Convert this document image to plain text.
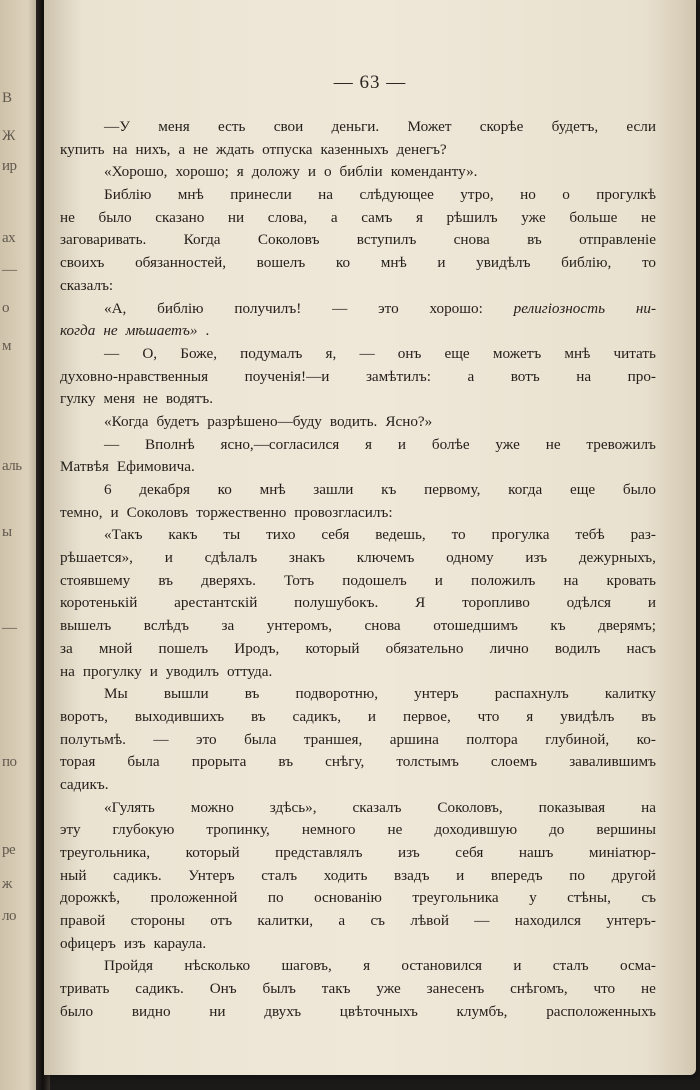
В
Ж
ир
ах
—
о
м
аль
ы
—
по
ре
ж
ло
— 63 —
—У меня есть свои деньги. Может скорѣе будетъ, если
купить на нихъ, а не ждать отпуска казенныхъ денегъ?
«Хорошо, хорошо; я доложу и о библіи коменданту».
Библію мнѣ принесли на слѣдующее утро, но о прогулкѣ
не было сказано ни слова, а самъ я рѣшилъ уже больше не
заговаривать. Когда Соколовъ вступилъ снова въ отправленіе
своихъ обязанностей, вошелъ ко мнѣ и увидѣлъ библію, то
сказалъ:
«А, библію получилъ! — это хорошо: религіозность ни-
когда не мѣшаетъ» .
— О, Боже, подумалъ я, — онъ еще можетъ мнѣ читать
духовно-нравственныя поученія!—и замѣтилъ: а вотъ на про-
гулку меня не водятъ.
«Когда будетъ разрѣшено—буду водить. Ясно?»
— Вполнѣ ясно,—согласился я и болѣе уже не тревожилъ
Матвѣя Ефимовича.
6 декабря ко мнѣ зашли къ первому, когда еще было
темно, и Соколовъ торжественно провозгласилъ:
«Такъ какъ ты тихо себя ведешь, то прогулка тебѣ раз-
рѣшается», и сдѣлалъ знакъ ключемъ одному изъ дежурныхъ,
стоявшему въ дверяхъ. Тотъ подошелъ и положилъ на кровать
коротенькій арестантскій полушубокъ. Я торопливо одѣлся и
вышелъ вслѣдъ за унтеромъ, снова отошедшимъ къ дверямъ;
за мной пошелъ Иродъ, который обязательно лично водилъ насъ
на прогулку и уводилъ оттуда.
Мы вышли въ подворотню, унтеръ распахнулъ калитку
воротъ, выходившихъ въ садикъ, и первое, что я увидѣлъ въ
полутьмѣ. — это была траншея, аршина полтора глубиной, ко-
торая была прорыта въ снѣгу, толстымъ слоемъ завалившимъ
садикъ.
«Гулять можно здѣсь», сказалъ Соколовъ, показывая на
эту глубокую тропинку, немного не доходившую до вершины
треугольника, который представлялъ изъ себя нашъ миніатюр-
ный садикъ. Унтеръ сталъ ходить взадъ и впередъ по другой
дорожкѣ, проложенной по основанію треугольника у стѣны, съ
правой стороны отъ калитки, а съ лѣвой — находился унтеръ-
офицеръ изъ караула.
Пройдя нѣсколько шаговъ, я остановился и сталъ осма-
тривать садикъ. Онъ былъ такъ уже занесенъ снѣгомъ, что не
было	видно	ни	двухъ	цвѣточныхъ	клумбъ,	расположенныхъ
